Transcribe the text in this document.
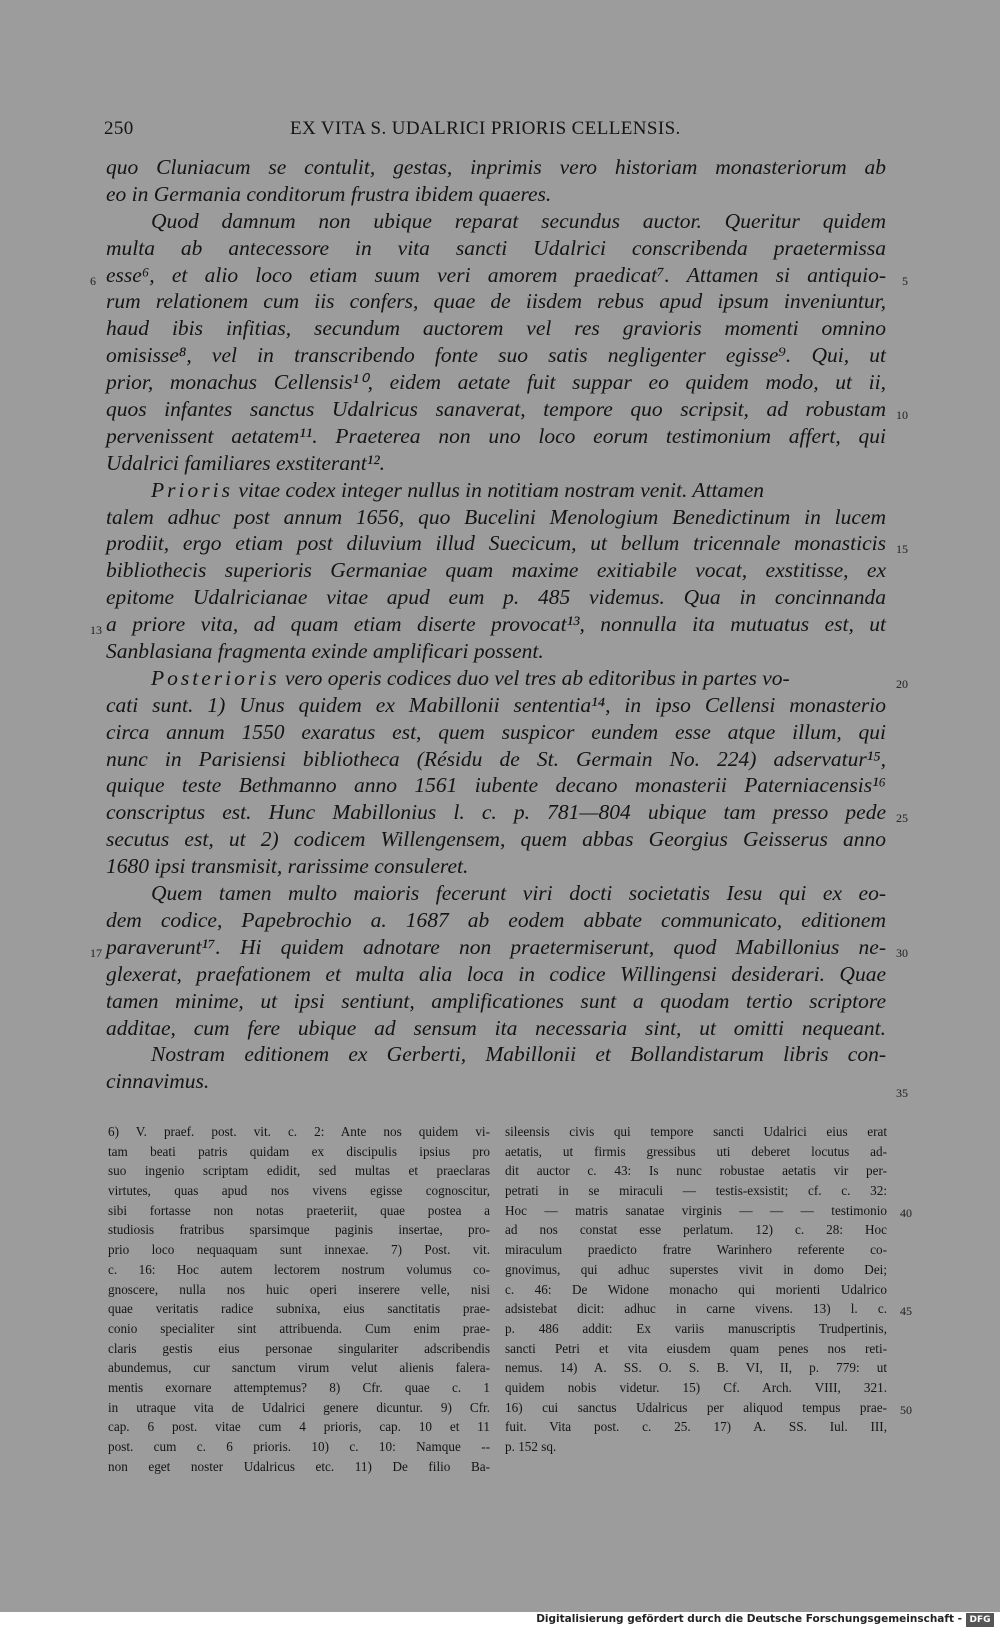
250	EX VITA S. UDALRICI PRIORIS CELLENSIS.
quo Cluniacum se contulit, gestas, inprimis vero historiam monasteriorum ab
eo in Germania conditorum frustra ibidem quaeres.
Quod damnum non ubique reparat secundus auctor. Queritur quidem
multa ab antecessore in vita sancti Udalrici conscribenda praetermissa
6 esse⁶, et alio loco etiam suum veri amorem praedicat⁷. Attamen si antiquio- 5
rum relationem cum iis confers, quae de iisdem rebus apud ipsum inveniuntur,
haud ibis infitias, secundum auctorem vel res gravioris momenti omnino
omisisse⁸, vel in transcribendo fonte suo satis negligenter egisse⁹. Qui, ut
prior, monachus Cellensis¹⁰, eidem aetate fuit suppar eo quidem modo, ut ii,
quos infantes sanctus Udalricus sanaverat, tempore quo scripsit, ad robustam 10
pervenissent aetatem¹¹. Praeterea non uno loco eorum testimonium affert, qui
Udalrici familiares exstiterant¹².
Prioris vitae codex integer nullus in notitiam nostram venit. Attamen
talem adhuc post annum 1656, quo Bucelini Menologium Benedictinum in lucem
prodiit, ergo etiam post diluvium illud Suecicum, ut bellum tricennale monasticis 15
bibliothecis superioris Germaniae quam maxime exitiabile vocat, exstitisse, ex
epitome Udalricianae vitae apud eum p. 485 videmus. Qua in concinnanda
13 a priore vita, ad quam etiam diserte provocat¹³, nonnulla ita mutuatus est, ut
Sanblasiana fragmenta exinde amplificari possent.
Posterioris vero operis codices duo vel tres ab editoribus in partes vo-	20
cati sunt. 1) Unus quidem ex Mabillonii sententia¹⁴, in ipso Cellensi monasterio
circa annum 1550 exaratus est, quem suspicor eundem esse atque illum, qui
nunc in Parisiensi bibliotheca (Résidu de St. Germain No. 224) adservatur¹⁵,
quique teste Bethmanno anno 1561 iubente decano monasterii Paterniacensis¹⁶
conscriptus est. Hunc Mabillonius l. c. p. 781—804 ubique tam presso pede 25
secutus est, ut 2) codicem Willengensem, quem abbas Georgius Geisserus anno
1680 ipsi transmisit, rarissime consuleret.
Quem tamen multo maioris fecerunt viri docti societatis Iesu qui ex eo-
dem codice, Papebrochio a. 1687 ab eodem abbate communicato, editionem
17 paraverunt¹⁷. Hi quidem adnotare non praetermiserunt, quod Mabillonius ne- 30
glexerat, praefationem et multa alia loca in codice Willingensi desiderari. Quae
tamen minime, ut ipsi sentiunt, amplificationes sunt a quodam tertio scriptore
additae, cum fere ubique ad sensum ita necessaria sint, ut omitti nequeant.
Nostram editionem ex Gerberti, Mabillonii et Bollandistarum libris con-
cinnavimus.	35
6) V. praef. post. vit. c. 2: Ante nos quidem vi-
tam beati patris quidam ex discipulis ipsius pro
suo ingenio scriptam edidit, sed multas et praeclaras
virtutes, quas apud nos vivens egisse cognoscitur,
sibi fortasse non notas praeteriit, quae postea a
studiosis fratribus sparsimque paginis insertae, pro-
prio loco nequaquam sunt innexae. 7) Post. vit.
c. 16: Hoc autem lectorem nostrum volumus co-
gnoscere, nulla nos huic operi inserere velle, nisi
quae veritatis radice subnixa, eius sanctitatis prae-
conio specialiter sint attribuenda. Cum enim prae-
claris gestis eius personae singulariter adscribendis
abundemus, cur sanctum virum velut alienis falera-
mentis exornare attemptemus? 8) Cfr. quae c. 1
in utraque vita de Udalrici genere dicuntur. 9) Cfr.
cap. 6 post. vitae cum 4 prioris, cap. 10 et 11
post. cum c. 6 prioris. 10) c. 10: Namque --
non eget noster Udalricus etc. 11) De filio Ba-
sileensis civis qui tempore sancti Udalrici eius erat
aetatis, ut firmis gressibus uti deberet locutus ad-
dit auctor c. 43: Is nunc robustae aetatis vir per-
petrati in se miraculi — testis-exsistit; cf. c. 32:
Hoc — matris sanatae virginis — — — testimonio 40
ad nos constat esse perlatum. 12) c. 28: Hoc
miraculum praedicto fratre Warinhero referente co-
gnovimus, qui adhuc superstes vivit in domo Dei;
c. 46: De Widone monacho qui morienti Udalrico
adsistebat dicit: adhuc in carne vivens. 13) l. c. 45
p. 486 addit: Ex variis manuscriptis Trudpertinis,
sancti Petri et vita eiusdem quam penes nos reti-
nemus. 14) A. SS. O. S. B. VI, II, p. 779: ut
quidem nobis videtur. 15) Cf. Arch. VIII, 321.
16) cui sanctus Udalricus per aliquod tempus prae- 50
fuit. Vita post. c. 25. 17) A. SS. Iul. III,
p. 152 sq.
Digitalisierung gefördert durch die Deutsche Forschungsgemeinschaft - DFG
